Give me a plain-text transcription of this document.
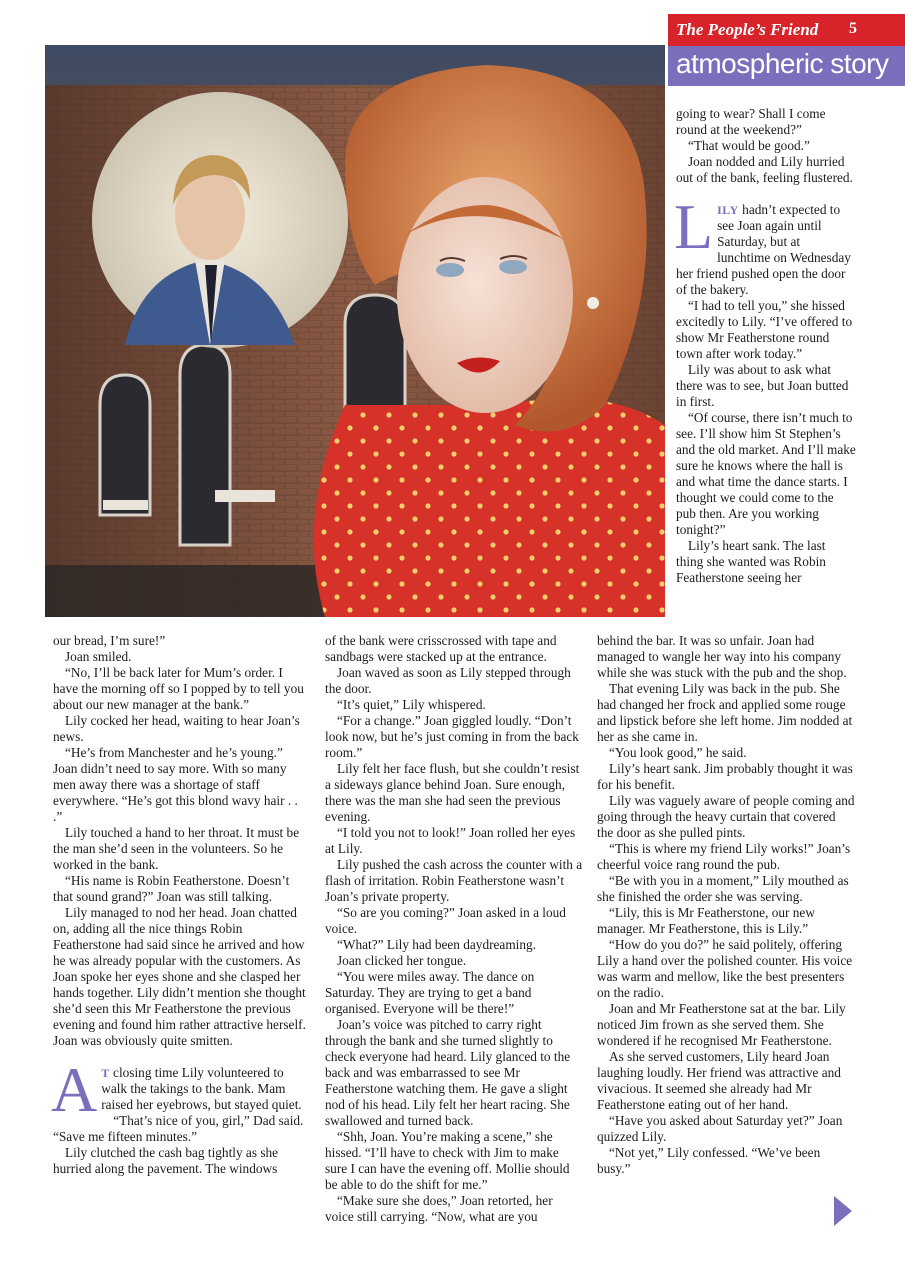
The People’s Friend 5
atmospheric story

going to wear? Shall I come round at the weekend?”

“That would be good.”

Joan nodded and Lily hurried out of the bank, feeling flustered.

LILY hadn’t expected to see Joan again until Saturday, but at lunchtime on Wednesday her friend pushed open the door of the bakery.

“I had to tell you,” she hissed excitedly to Lily. “I’ve offered to show Mr Featherstone round town after work today.”

Lily was about to ask what there was to see, but Joan butted in first.

“Of course, there isn’t much to see. I’ll show him St Stephen’s and the old market. And I’ll make sure he knows where the hall is and what time the dance starts. I thought we could come to the pub then. Are you working tonight?”

Lily’s heart sank. The last thing she wanted was Robin Featherstone seeing her

our bread, I’m sure!”

Joan smiled.

“No, I’ll be back later for Mum’s order. I have the morning off so I popped by to tell you about our new manager at the bank.”

Lily cocked her head, waiting to hear Joan’s news.

“He’s from Manchester and he’s young.” Joan didn’t need to say more. With so many men away there was a shortage of staff everywhere. “He’s got this blond wavy hair . . .”

Lily touched a hand to her throat. It must be the man she’d seen in the volunteers. So he worked in the bank.

“His name is Robin Featherstone. Doesn’t that sound grand?” Joan was still talking.

Lily managed to nod her head. Joan chatted on, adding all the nice things Robin Featherstone had said since he arrived and how he was already popular with the customers. As Joan spoke her eyes shone and she clasped her hands together. Lily didn’t mention she thought she’d seen this Mr Featherstone the previous evening and found him rather attractive herself. Joan was obviously quite smitten.

A T closing time Lily volunteered to walk the takings to the bank. Mam raised her eyebrows, but stayed quiet.

“That’s nice of you, girl,” Dad said. “Save me fifteen minutes.”

Lily clutched the cash bag tightly as she hurried along the pavement. The windows

of the bank were crisscrossed with tape and sandbags were stacked up at the entrance.

Joan waved as soon as Lily stepped through the door.

“It’s quiet,” Lily whispered.

“For a change.” Joan giggled loudly. “Don’t look now, but he’s just coming in from the back room.”

Lily felt her face flush, but she couldn’t resist a sideways glance behind Joan. Sure enough, there was the man she had seen the previous evening.

“I told you not to look!” Joan rolled her eyes at Lily.

Lily pushed the cash across the counter with a flash of irritation. Robin Featherstone wasn’t Joan’s private property.

“So are you coming?” Joan asked in a loud voice.

“What?” Lily had been daydreaming.

Joan clicked her tongue.

“You were miles away. The dance on Saturday. They are trying to get a band organised. Everyone will be there!”

Joan’s voice was pitched to carry right through the bank and she turned slightly to check everyone had heard. Lily glanced to the back and was embarrassed to see Mr Featherstone watching them. He gave a slight nod of his head. Lily felt her heart racing. She swallowed and turned back.

“Shh, Joan. You’re making a scene,” she hissed. “I’ll have to check with Jim to make sure I can have the evening off. Mollie should be able to do the shift for me.”

“Make sure she does,” Joan retorted, her voice still carrying. “Now, what are you

behind the bar. It was so unfair. Joan had managed to wangle her way into his company while she was stuck with the pub and the shop.

That evening Lily was back in the pub. She had changed her frock and applied some rouge and lipstick before she left home. Jim nodded at her as she came in.

“You look good,” he said.

Lily’s heart sank. Jim probably thought it was for his benefit.

Lily was vaguely aware of people coming and going through the heavy curtain that covered the door as she pulled pints.

“This is where my friend Lily works!” Joan’s cheerful voice rang round the pub.

“Be with you in a moment,” Lily mouthed as she finished the order she was serving.

“Lily, this is Mr Featherstone, our new manager. Mr Featherstone, this is Lily.”

“How do you do?” he said politely, offering Lily a hand over the polished counter. His voice was warm and mellow, like the best presenters on the radio.

Joan and Mr Featherstone sat at the bar. Lily noticed Jim frown as she served them. She wondered if he recognised Mr Featherstone.

As she served customers, Lily heard Joan laughing loudly. Her friend was attractive and vivacious. It seemed she already had Mr Featherstone eating out of her hand.

“Have you asked about Saturday yet?” Joan quizzed Lily.

“Not yet,” Lily confessed. “We’ve been busy.”
